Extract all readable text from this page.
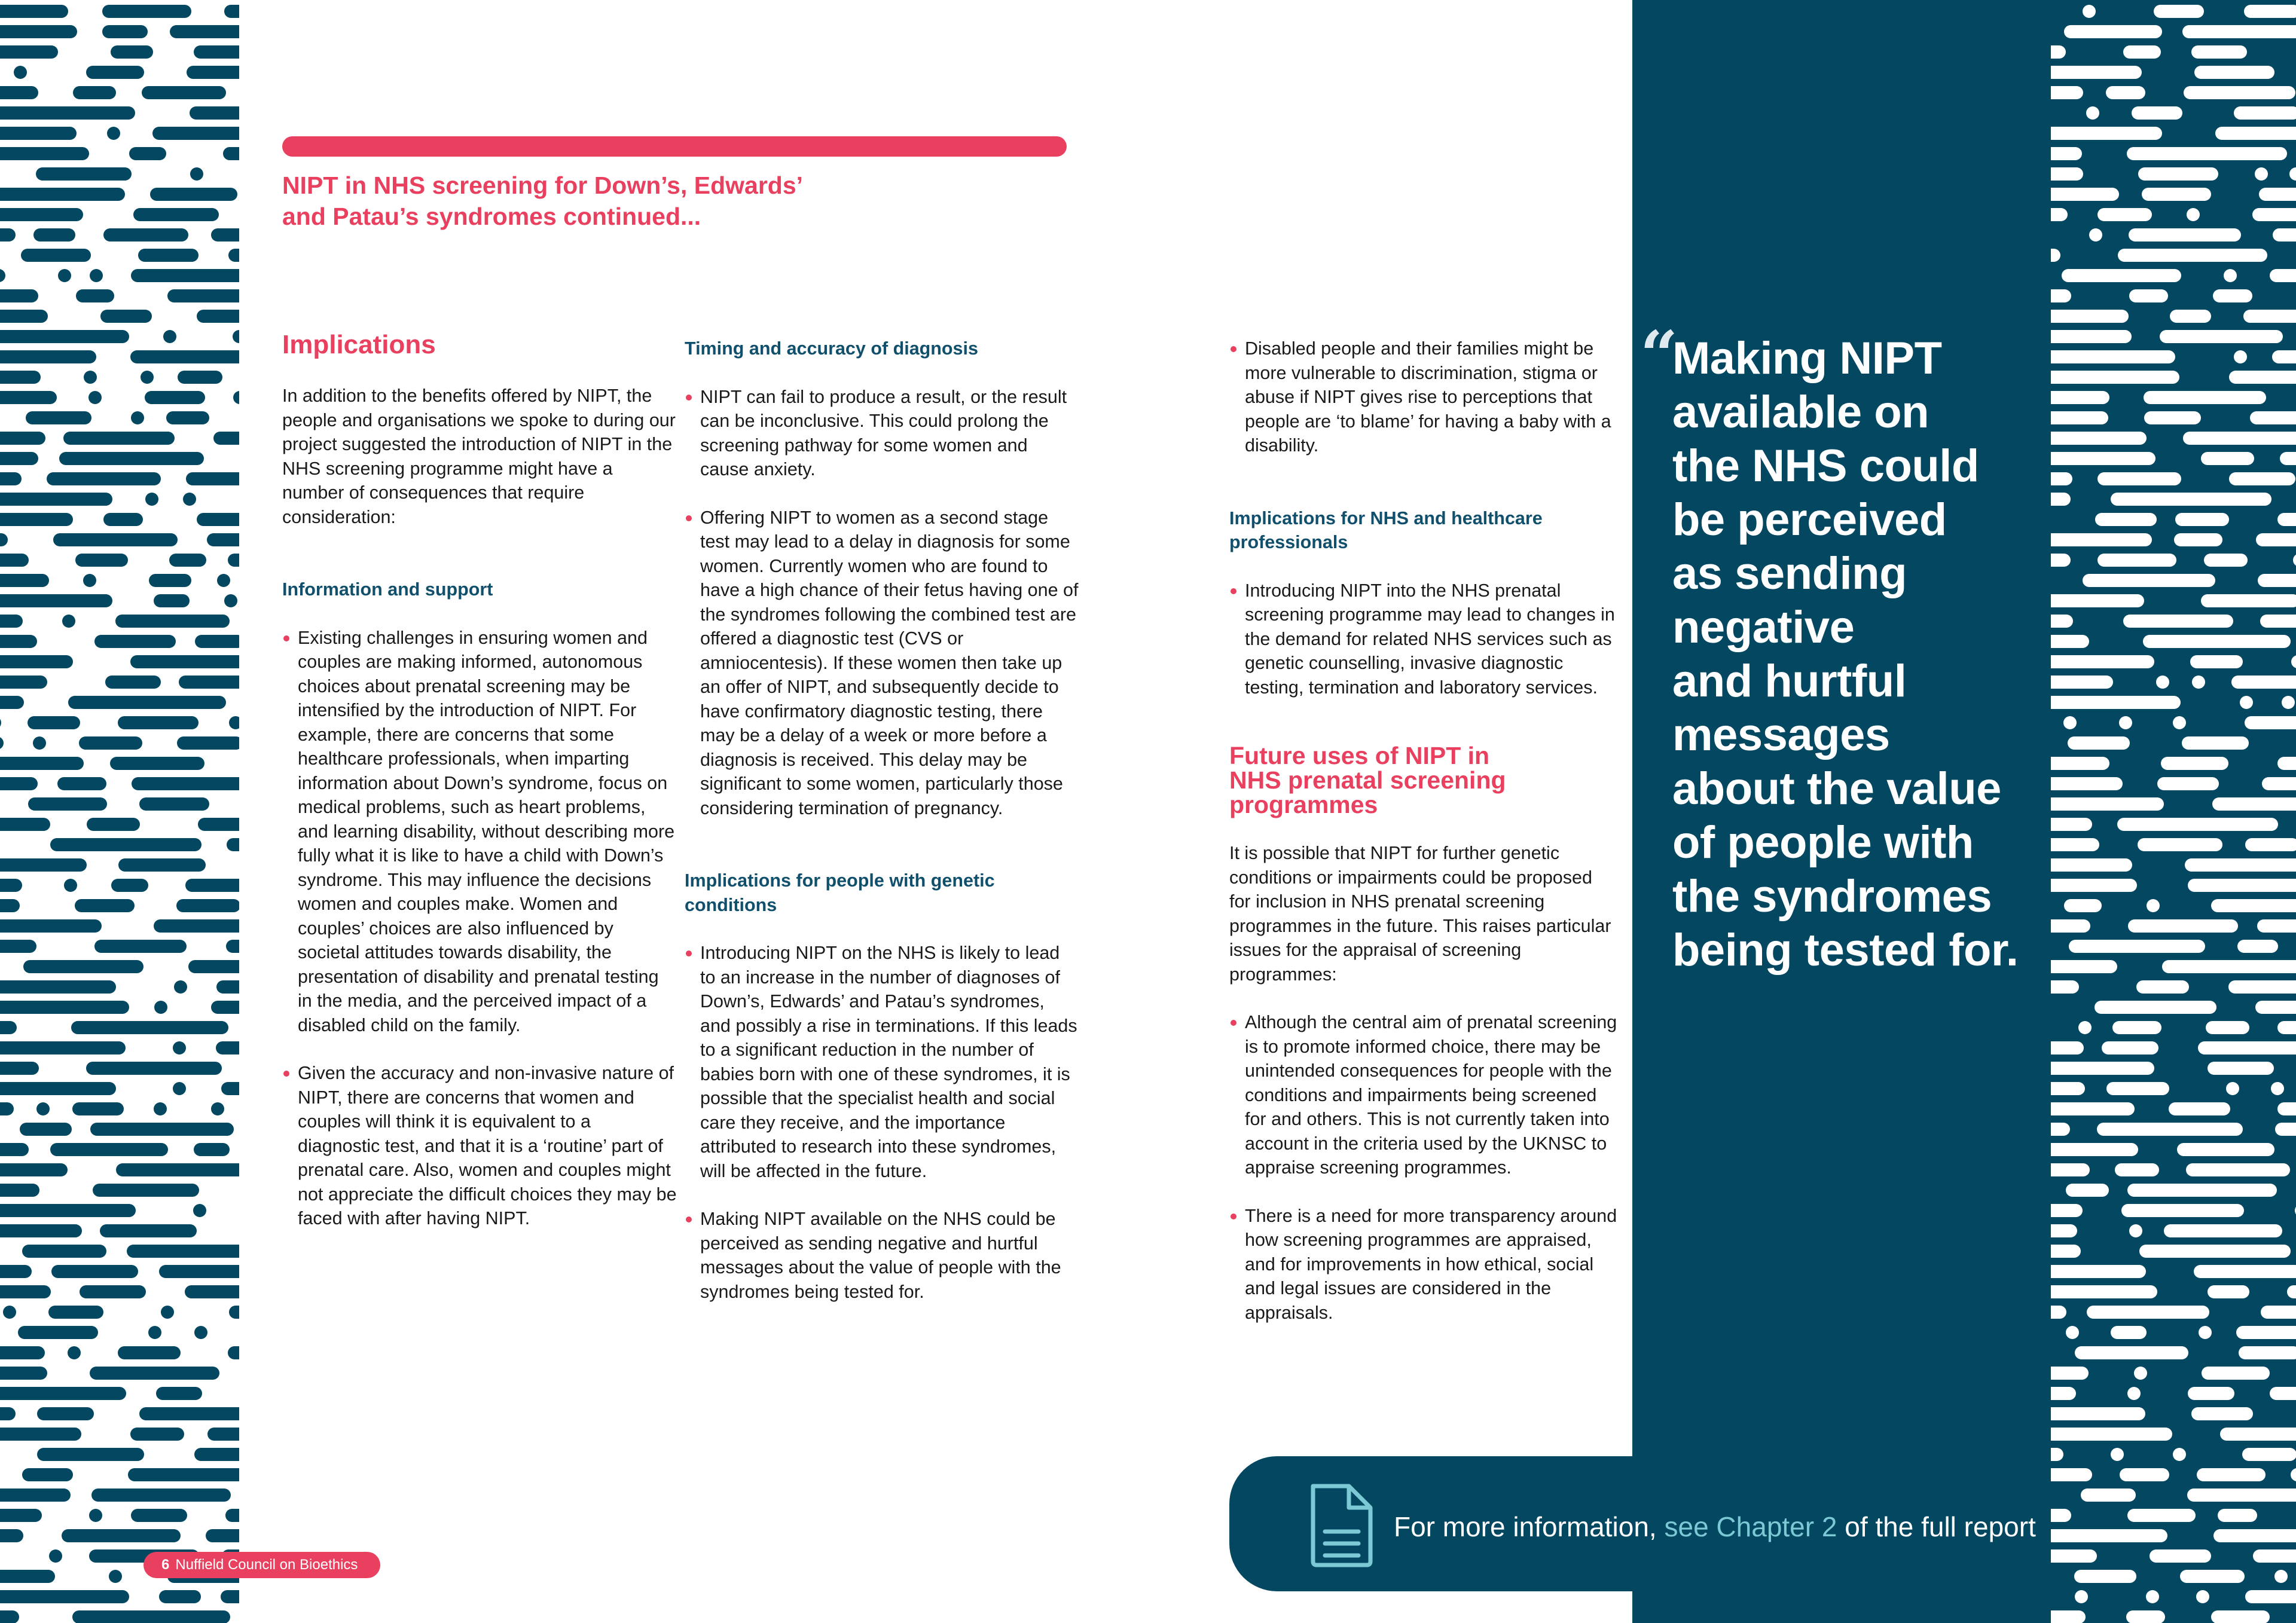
NIPT in NHS screening for Down’s, Edwards’
and Patau’s syndromes continued...
Implications

In addition to the benefits offered by NIPT, the people and organisations we spoke to during our project suggested the introduction of NIPT in the NHS screening programme might have a number of consequences that require consideration:

Information and support

Existing challenges in ensuring women and couples are making informed, autonomous choices about prenatal screening may be intensified by the introduction of NIPT. For example, there are concerns that some healthcare professionals, when imparting information about Down’s syndrome, focus on medical problems, such as heart problems, and learning disability, without describing more fully what it is like to have a child with Down’s syndrome. This may influence the decisions women and couples make. Women and couples’ choices are also influenced by societal attitudes towards disability, the presentation of disability and prenatal testing in the media, and the perceived impact of a disabled child on the family.

Given the accuracy and non-invasive nature of NIPT, there are concerns that women and couples will think it is equivalent to a diagnostic test, and that it is a ‘routine’ part of prenatal care. Also, women and couples might not appreciate the difficult choices they may be faced with after having NIPT.

Timing and accuracy of diagnosis

NIPT can fail to produce a result, or the result can be inconclusive. This could prolong the screening pathway for some women and cause anxiety.

Offering NIPT to women as a second stage test may lead to a delay in diagnosis for some women. Currently women who are found to have a high chance of their fetus having one of the syndromes following the combined test are offered a diagnostic test (CVS or amniocentesis). If these women then take up an offer of NIPT, and subsequently decide to have confirmatory diagnostic testing, there may be a delay of a week or more before a diagnosis is received. This delay may be significant to some women, particularly those considering termination of pregnancy.

Implications for people with genetic conditions

Introducing NIPT on the NHS is likely to lead to an increase in the number of diagnoses of Down’s, Edwards’ and Patau’s syndromes, and possibly a rise in terminations. If this leads to a significant reduction in the number of babies born with one of these syndromes, it is possible that the specialist health and social care they receive, and the importance attributed to research into these syndromes, will be affected in the future.

Making NIPT available on the NHS could be perceived as sending negative and hurtful messages about the value of people with the syndromes being tested for.

Disabled people and their families might be more vulnerable to discrimination, stigma or abuse if NIPT gives rise to perceptions that people are ‘to blame’ for having a baby with a disability.

Implications for NHS and healthcare professionals

Introducing NIPT into the NHS prenatal screening programme may lead to changes in the demand for related NHS services such as genetic counselling, invasive diagnostic testing, termination and laboratory services.

Future uses of NIPT in
NHS prenatal screening
programmes

It is possible that NIPT for further genetic conditions or impairments could be proposed for inclusion in NHS prenatal screening programmes in the future. This raises particular issues for the appraisal of screening programmes:

Although the central aim of prenatal screening is to promote informed choice, there may be unintended consequences for people with the conditions and impairments being screened for and others. This is not currently taken into account in the criteria used by the UKNSC to appraise screening programmes.

There is a need for more transparency around how screening programmes are appraised, and for improvements in how ethical, social and legal issues are considered in the appraisals.

“
Making NIPT
available on
the NHS could
be perceived
as sending
negative
and hurtful
messages
about the value
of people with
the syndromes
being tested for.
For more information, see Chapter 2 of the full report
6 Nuffield Council on Bioethics
